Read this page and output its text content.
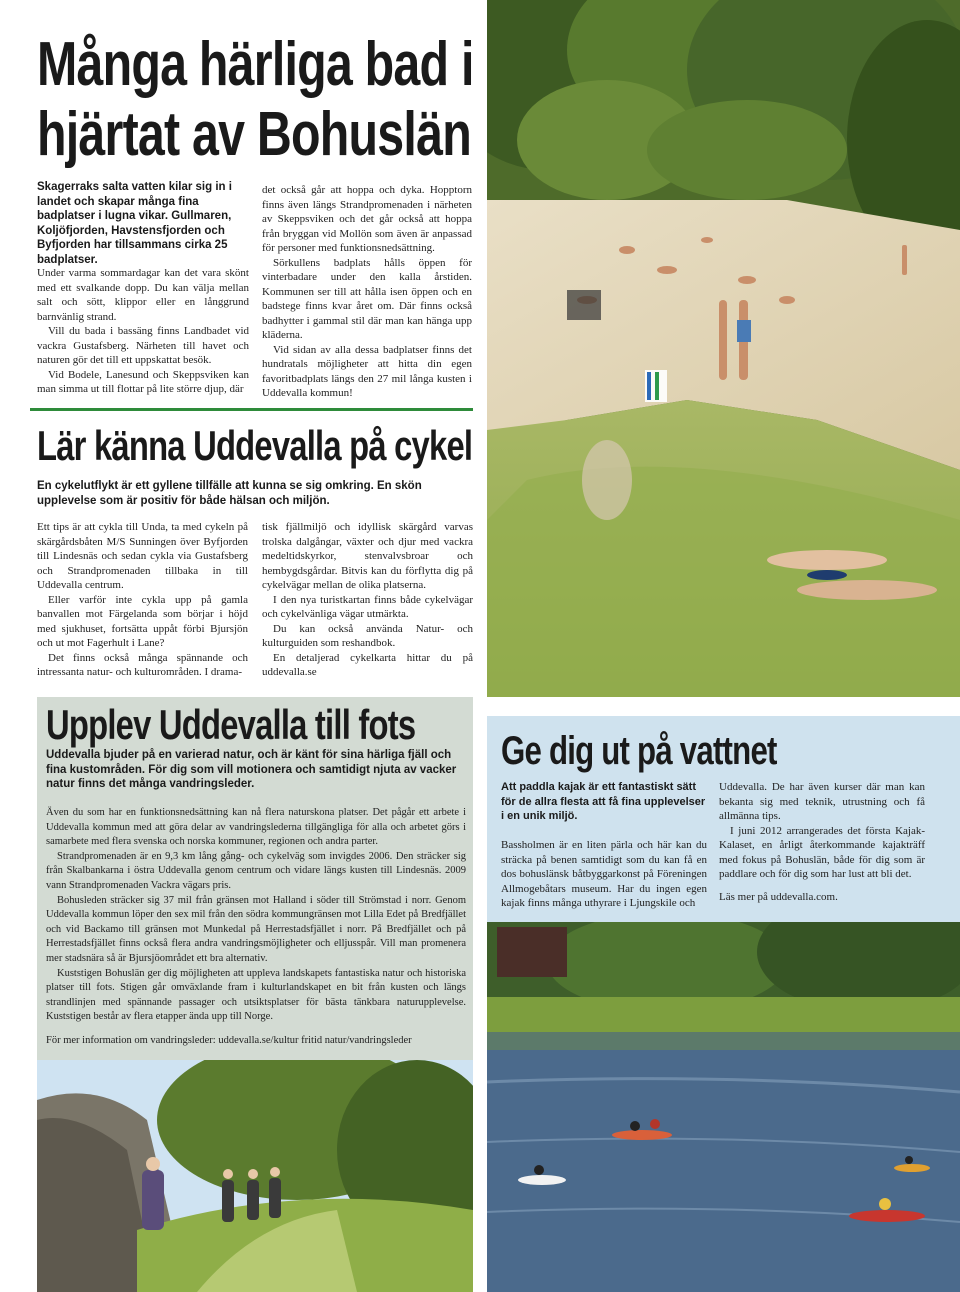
Många härliga bad i
hjärtat av Bohuslän
Skagerraks salta vatten kilar sig in i landet och skapar många fina badplatser i lugna vikar. Gullmaren, Koljöfjorden, Havstensfjorden och Byfjorden har tillsammans cirka 25 badplatser.

Under varma sommardagar kan det vara skönt med ett svalkande dopp. Du kan välja mellan salt och sött, klippor eller en långgrund barnvänlig strand.

Vill du bada i bassäng finns Landbadet vid vackra Gustafsberg. Närheten till havet och naturen gör det till ett uppskattat besök.

Vid Bodele, Lanesund och Skeppsviken kan man simma ut till flottar på lite större djup, där

det också går att hoppa och dyka. Hopptorn finns även längs Strandpromenaden i närheten av Skeppsviken och det går också att hoppa från bryggan vid Mollön som även är anpassad för personer med funktionsnedsättning.

Sörkullens badplats hålls öppen för vinterbadare under den kalla årstiden. Kommunen ser till att hålla isen öppen och en badstege finns kvar året om. Där finns också badhytter i gammal stil där man kan hänga upp kläderna.

Vid sidan av alla dessa badplatser finns det hundratals möjligheter att hitta din egen favoritbadplats längs den 27 mil långa kusten i Uddevalla kommun!

Lär känna Uddevalla på cykel
En cykelutflykt är ett gyllene tillfälle att kunna se sig omkring. En skön upplevelse som är positiv för både hälsan och miljön.

Ett tips är att cykla till Unda, ta med cykeln på skärgårdsbåten M/S Sunningen över Byfjorden till Lindesnäs och sedan cykla via Gustafsberg och Strandpromenaden tillbaka in till Uddevalla centrum.

Eller varför inte cykla upp på gamla banvallen mot Färgelanda som börjar i höjd med sjukhuset, fortsätta uppåt förbi Bjursjön och ut mot Fagerhult i Lane?

Det finns också många spännande och intressanta natur- och kulturområden. I drama-

tisk fjällmiljö och idyllisk skärgård varvas trolska dalgångar, växter och djur med vackra medeltidskyrkor, stenvalvsbroar och hembygdsgårdar. Bitvis kan du förflytta dig på cykelvägar mellan de olika platserna.

I den nya turistkartan finns både cykelvägar och cykelvänliga vägar utmärkta.

Du kan också använda Natur- och kulturguiden som reshandbok.

En detaljerad cykelkarta hittar du på uddevalla.se

Upplev Uddevalla till fots
Uddevalla bjuder på en varierad natur, och är känt för sina härliga fjäll och fina kustområden. För dig som vill motionera och samtidigt njuta av vacker natur finns det många vandringsleder.

Även du som har en funktionsnedsättning kan nå flera naturskona platser. Det pågår ett arbete i Uddevalla kommun med att göra delar av vandringslederna tillgängliga för alla och arbetet görs i samarbete med flera svenska och norska kommuner, regionen och andra parter.

Strandpromenaden är en 9,3 km lång gång- och cykelväg som invigdes 2006. Den sträcker sig från Skalbankarna i östra Uddevalla genom centrum och vidare längs kusten till Lindesnäs. 2009 vann Strandpromenaden Vackra vägars pris.

Bohusleden sträcker sig 37 mil från gränsen mot Halland i söder till Strömstad i norr. Genom Uddevalla kommun löper den sex mil från den södra kommungränsen mot Lilla Edet på Bredfjället och vid Backamo till gränsen mot Munkedal på Herrestadsfjället i norr. På Bredfjället och på Herrestadsfjället finns också flera andra vandringsmöjligheter och elljusspår. Vill man promenera mer stadsnära så är Bjursjöområdet ett bra alternativ.

Kuststigen Bohuslän ger dig möjligheten att uppleva landskapets fantastiska natur och historiska platser till fots. Stigen går omväxlande fram i kulturlandskapet en bit från kusten och längs strandlinjen med spännande passager och utsiktsplatser för bästa tänkbara naturupplevelse. Kuststigen består av flera etapper ända upp till Norge.

För mer information om vandringsleder: uddevalla.se/kultur fritid natur/vandringsleder
Ge dig ut på vattnet
Att paddla kajak är ett fantastiskt sätt för de allra flesta att få fina upplevelser i en unik miljö.

Bassholmen är en liten pärla och här kan du sträcka på benen samtidigt som du kan få en dos bohuslänsk båtbyggarkonst på Föreningen Allmogebåtars museum. Har du ingen egen kajak finns många uthyrare i Ljungskile och

Uddevalla. De har även kurser där man kan bekanta sig med teknik, utrustning och få allmänna tips.

I juni 2012 arrangerades det första Kajak-Kalaset, en årligt återkommande kajakträff med fokus på Bohuslän, både för dig som är paddlare och för dig som har lust att bli det.

Läs mer på uddevalla.com.
